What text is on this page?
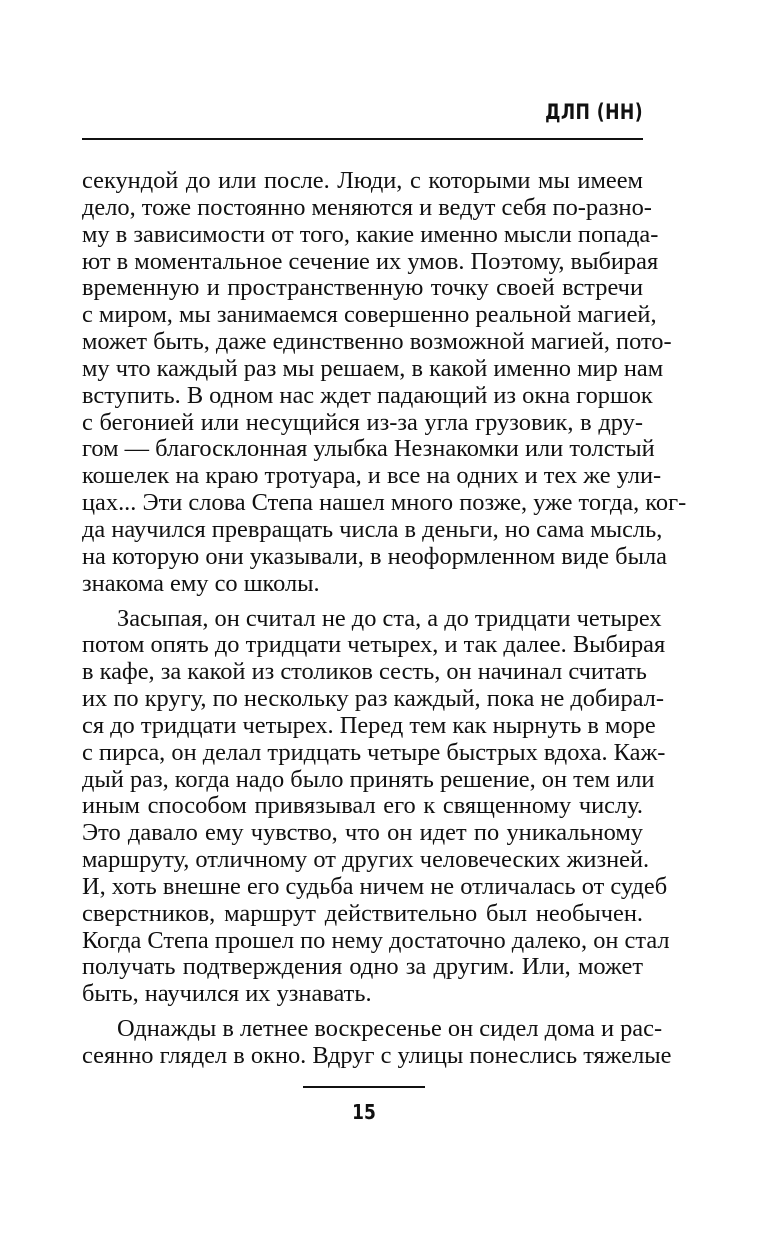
ДЛП (НН)
секундой до или после. Люди, с которыми мы имеем
дело, тоже постоянно меняются и ведут себя по-разно-
му в зависимости от того, какие именно мысли попада-
ют в моментальное сечение их умов. Поэтому, выбирая
временную и пространственную точку своей встречи
с миром, мы занимаемся совершенно реальной магией,
может быть, даже единственно возможной магией, пото-
му что каждый раз мы решаем, в какой именно мир нам
вступить. В одном нас ждет падающий из окна горшок
с бегонией или несущийся из-за угла грузовик, в дру-
гом — благосклонная улыбка Незнакомки или толстый
кошелек на краю тротуара, и все на одних и тех же ули-
цах... Эти слова Степа нашел много позже, уже тогда, ког-
да научился превращать числа в деньги, но сама мысль,
на которую они указывали, в неоформленном виде была
знакома ему со школы.
Засыпая, он считал не до ста, а до тридцати четырех
потом опять до тридцати четырех, и так далее. Выбирая
в кафе, за какой из столиков сесть, он начинал считать
их по кругу, по нескольку раз каждый, пока не добирал-
ся до тридцати четырех. Перед тем как нырнуть в море
с пирса, он делал тридцать четыре быстрых вдоха. Каж-
дый раз, когда надо было принять решение, он тем или
иным способом привязывал его к священному числу.
Это давало ему чувство, что он идет по уникальному
маршруту, отличному от других человеческих жизней.
И, хоть внешне его судьба ничем не отличалась от судеб
сверстников, маршрут действительно был необычен.
Когда Степа прошел по нему достаточно далеко, он стал
получать подтверждения одно за другим. Или, может
быть, научился их узнавать.
Однажды в летнее воскресенье он сидел дома и рас-
сеянно глядел в окно. Вдруг с улицы понеслись тяжелые
15
